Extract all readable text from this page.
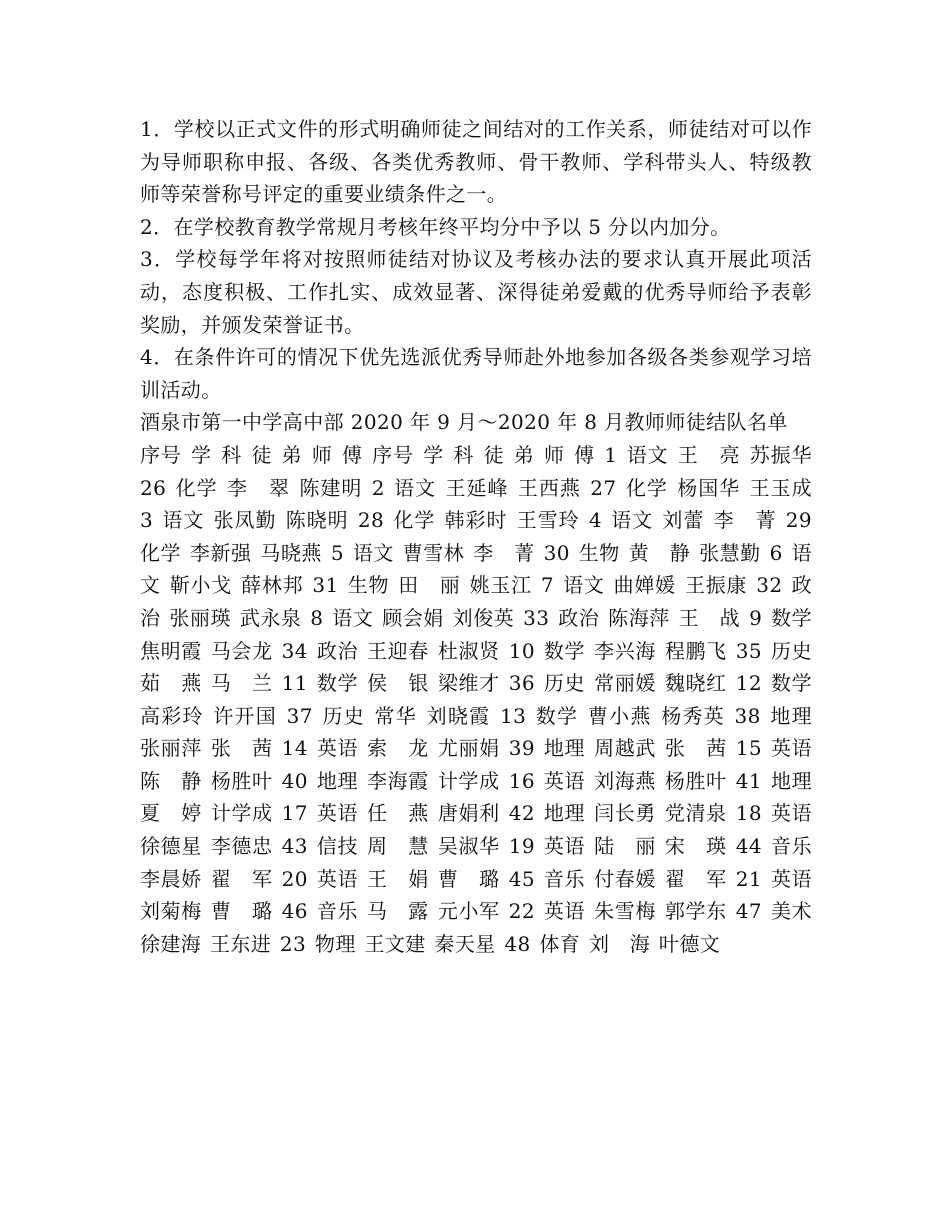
1．学校以正式文件的形式明确师徒之间结对的工作关系，师徒结对可以作为导师职称申报、各级、各类优秀教师、骨干教师、学科带头人、特级教师等荣誉称号评定的重要业绩条件之一。

2．在学校教育教学常规月考核年终平均分中予以 5 分以内加分。

3．学校每学年将对按照师徒结对协议及考核办法的要求认真开展此项活动，态度积极、工作扎实、成效显著、深得徒弟爱戴的优秀导师给予表彰奖励，并颁发荣誉证书。

4．在条件许可的情况下优先选派优秀导师赴外地参加各级各类参观学习培训活动。

酒泉市第一中学高中部 2020 年 9 月～2020 年 8 月教师师徒结队名单

序号 学 科 徒 弟 师 傅 序号 学 科 徒 弟 师 傅 1 语文 王　亮 苏振华 26 化学 李　翠 陈建明 2 语文 王延峰 王西燕 27 化学 杨国华 王玉成 3 语文 张凤勤 陈晓明 28 化学 韩彩时 王雪玲 4 语文 刘蕾 李　菁 29 化学 李新强 马晓燕 5 语文 曹雪林 李　菁 30 生物 黄　静 张慧勤 6 语文 靳小戈 薛林邦 31 生物 田　丽 姚玉江 7 语文 曲婵媛 王振康 32 政治 张丽瑛 武永泉 8 语文 顾会娟 刘俊英 33 政治 陈海萍 王　战 9 数学 焦明霞 马会龙 34 政治 王迎春 杜淑贤 10 数学 李兴海 程鹏飞 35 历史 茹　燕 马　兰 11 数学 侯　银 梁维才 36 历史 常丽媛 魏晓红 12 数学 高彩玲 许开国 37 历史 常华 刘晓霞 13 数学 曹小燕 杨秀英 38 地理 张丽萍 张　茜 14 英语 索　龙 尤丽娟 39 地理 周越武 张　茜 15 英语 陈　静 杨胜叶 40 地理 李海霞 计学成 16 英语 刘海燕 杨胜叶 41 地理 夏　婷 计学成 17 英语 任　燕 唐娟利 42 地理 闫长勇 党清泉 18 英语 徐德星 李德忠 43 信技 周　慧 吴淑华 19 英语 陆　丽 宋　瑛 44 音乐 李晨娇 翟　军 20 英语 王　娟 曹　璐 45 音乐 付春媛 翟　军 21 英语 刘菊梅 曹　璐 46 音乐 马　露 元小军 22 英语 朱雪梅 郭学东 47 美术 徐建海 王东进 23 物理 王文建 秦天星 48 体育 刘　海 叶德文
